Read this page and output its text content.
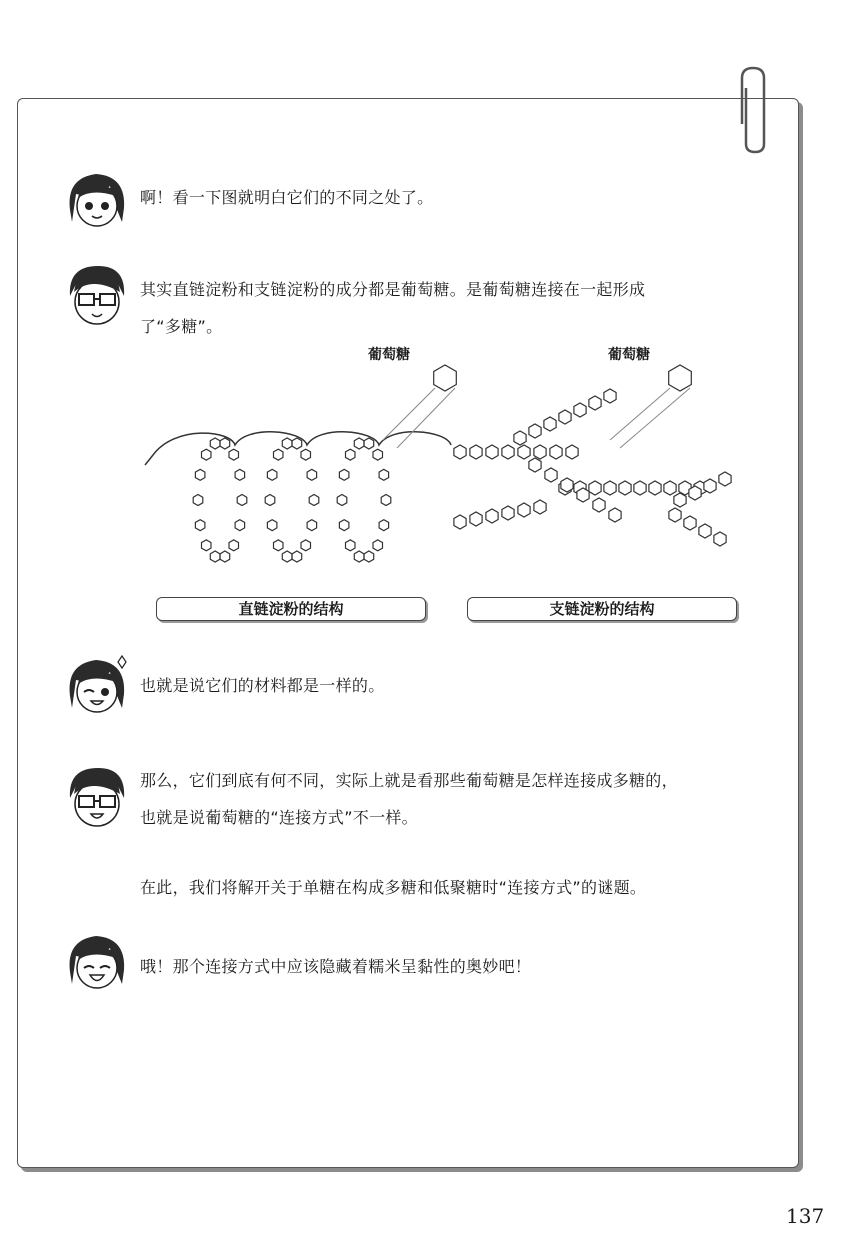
啊！看一下图就明白它们的不同之处了。
其实直链淀粉和支链淀粉的成分都是葡萄糖。是葡萄糖连接在一起形成
了“多糖”。
也就是说它们的材料都是一样的。
那么，它们到底有何不同，实际上就是看那些葡萄糖是怎样连接成多糖的，
也就是说葡萄糖的“连接方式”不一样。
在此，我们将解开关于单糖在构成多糖和低聚糖时“连接方式”的谜题。
哦！那个连接方式中应该隐藏着糯米呈黏性的奥妙吧！
葡萄糖	葡萄糖
直链淀粉的结构	支链淀粉的结构
137
